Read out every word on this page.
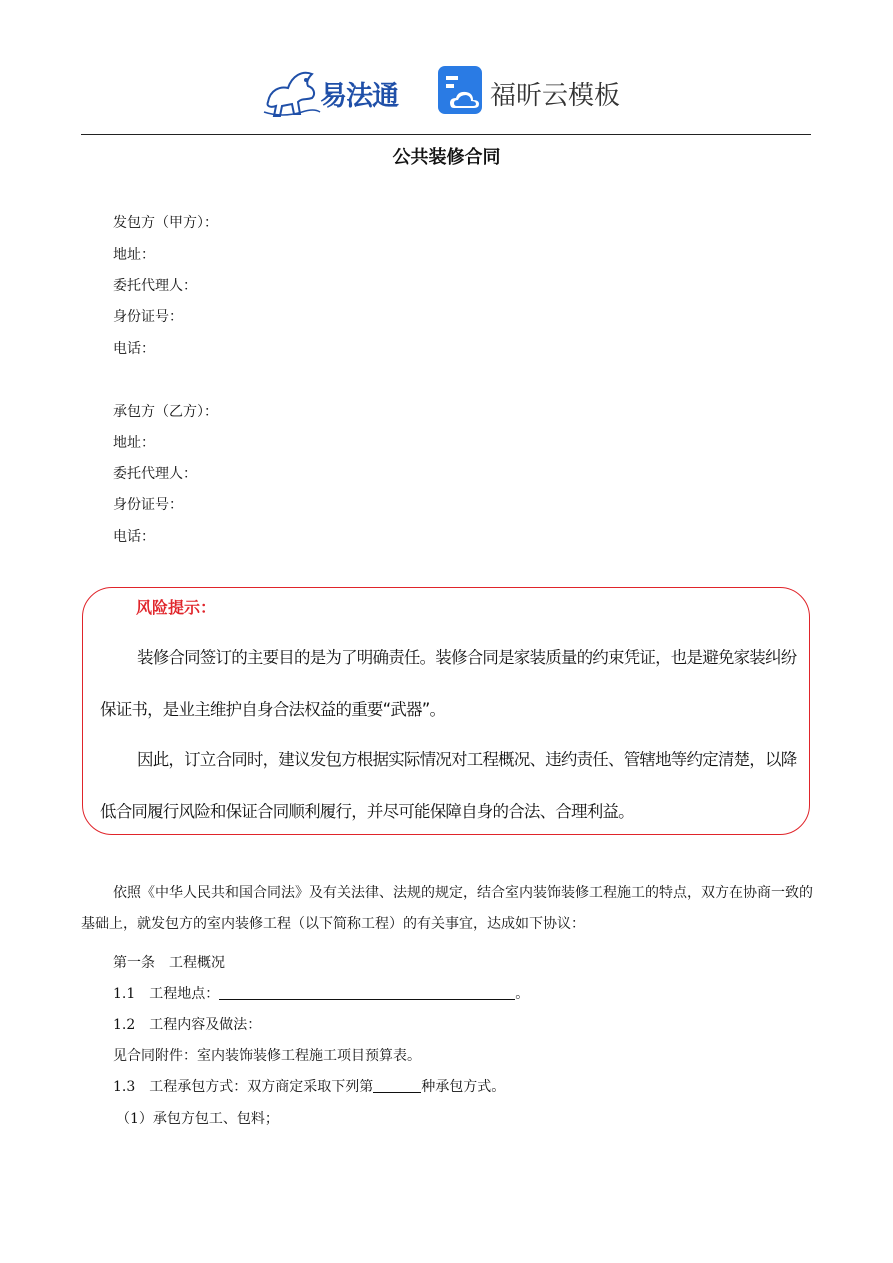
易法通	福昕云模板
公共装修合同
发包方（甲方）：
地址：
委托代理人：
身份证号：
电话：
承包方（乙方）：
地址：
委托代理人：
身份证号：
电话：
风险提示：

装修合同签订的主要目的是为了明确责任。装修合同是家装质量的约束凭证，也是避免家装纠纷保证书，是业主维护自身合法权益的重要“武器”。

因此，订立合同时，建议发包方根据实际情况对工程概况、违约责任、管辖地等约定清楚，以降低合同履行风险和保证合同顺利履行，并尽可能保障自身的合法、合理利益。

依照《中华人民共和国合同法》及有关法律、法规的规定，结合室内装饰装修工程施工的特点，双方在协商一致的基础上，就发包方的室内装修工程（以下简称工程）的有关事宜，达成如下协议：

第一条　工程概况
1.1　工程地点：	。
1.2　工程内容及做法：
见合同附件：室内装饰装修工程施工项目预算表。
1.3　工程承包方式：双方商定采取下列第	种承包方式。
（1）承包方包工、包料；
